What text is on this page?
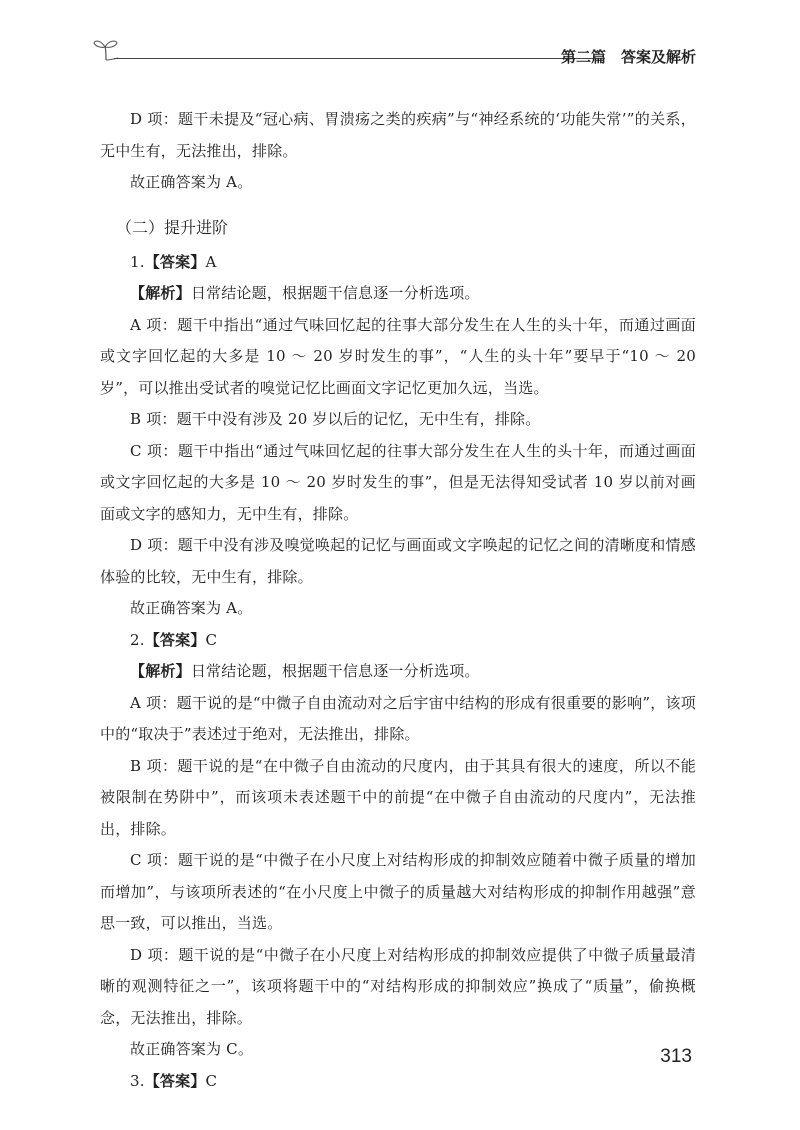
第二篇　答案及解析

D 项：题干未提及“冠心病、胃溃疡之类的疾病”与“神经系统的‘功能失常’”的关系，无中生有，无法推出，排除。

故正确答案为 A。

（二）提升进阶

1.【答案】A

【解析】日常结论题，根据题干信息逐一分析选项。

A 项：题干中指出“通过气味回忆起的往事大部分发生在人生的头十年，而通过画面或文字回忆起的大多是 10 ～ 20 岁时发生的事”，“人生的头十年”要早于“10 ～ 20 岁”，可以推出受试者的嗅觉记忆比画面文字记忆更加久远，当选。

B 项：题干中没有涉及 20 岁以后的记忆，无中生有，排除。

C 项：题干中指出“通过气味回忆起的往事大部分发生在人生的头十年，而通过画面或文字回忆起的大多是 10 ～ 20 岁时发生的事”，但是无法得知受试者 10 岁以前对画面或文字的感知力，无中生有，排除。

D 项：题干中没有涉及嗅觉唤起的记忆与画面或文字唤起的记忆之间的清晰度和情感体验的比较，无中生有，排除。

故正确答案为 A。

2.【答案】C

【解析】日常结论题，根据题干信息逐一分析选项。

A 项：题干说的是“中微子自由流动对之后宇宙中结构的形成有很重要的影响”，该项中的“取决于”表述过于绝对，无法推出，排除。

B 项：题干说的是“在中微子自由流动的尺度内，由于其具有很大的速度，所以不能被限制在势阱中”，而该项未表述题干中的前提“在中微子自由流动的尺度内”，无法推出，排除。

C 项：题干说的是“中微子在小尺度上对结构形成的抑制效应随着中微子质量的增加而增加”，与该项所表述的“在小尺度上中微子的质量越大对结构形成的抑制作用越强”意思一致，可以推出，当选。

D 项：题干说的是“中微子在小尺度上对结构形成的抑制效应提供了中微子质量最清晰的观测特征之一”，该项将题干中的“对结构形成的抑制效应”换成了“质量”，偷换概念，无法推出，排除。

故正确答案为 C。

3.【答案】C

313
